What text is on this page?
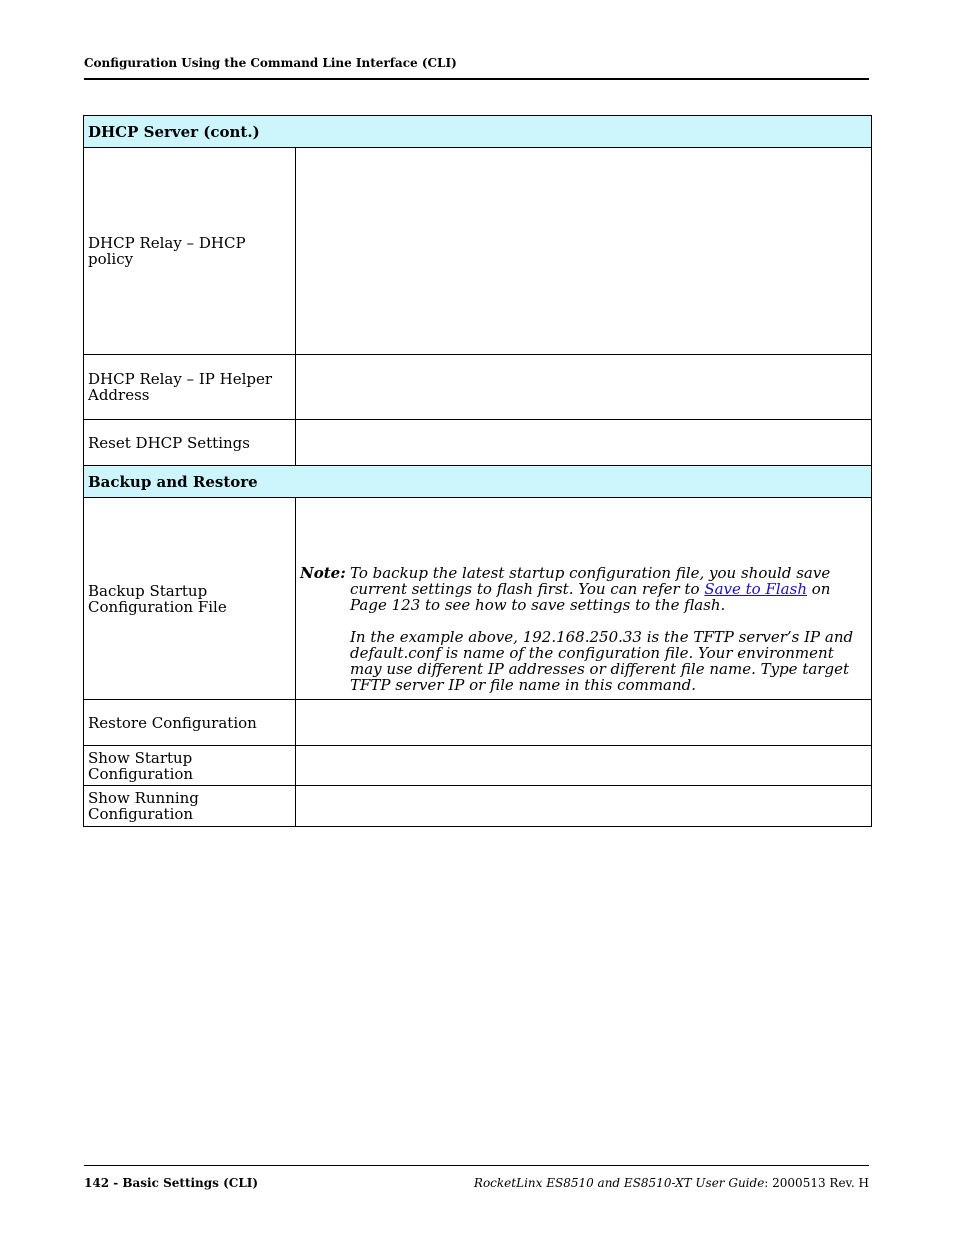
Configuration Using the Command Line Interface (CLI)
DHCP Server (cont.)	
DHCP Relay – DHCP policy	
DHCP Relay – IP Helper Address	
Reset DHCP Settings	
Backup and Restore	
Backup Startup Configuration File	Note: To backup the latest startup configuration file, you should save current settings to flash first. You can refer to Save to Flash on Page 123 to see how to save settings to the flash.

In the example above, 192.168.250.33 is the TFTP server’s IP and default.conf is name of the configuration file. Your environment may use different IP addresses or different file name. Type target TFTP server IP or file name in this command.

Restore Configuration	
Show Startup Configuration	
Show Running Configuration	
142 - Basic Settings (CLI)	RocketLinx ES8510 and ES8510-XT User Guide: 2000513 Rev. H
